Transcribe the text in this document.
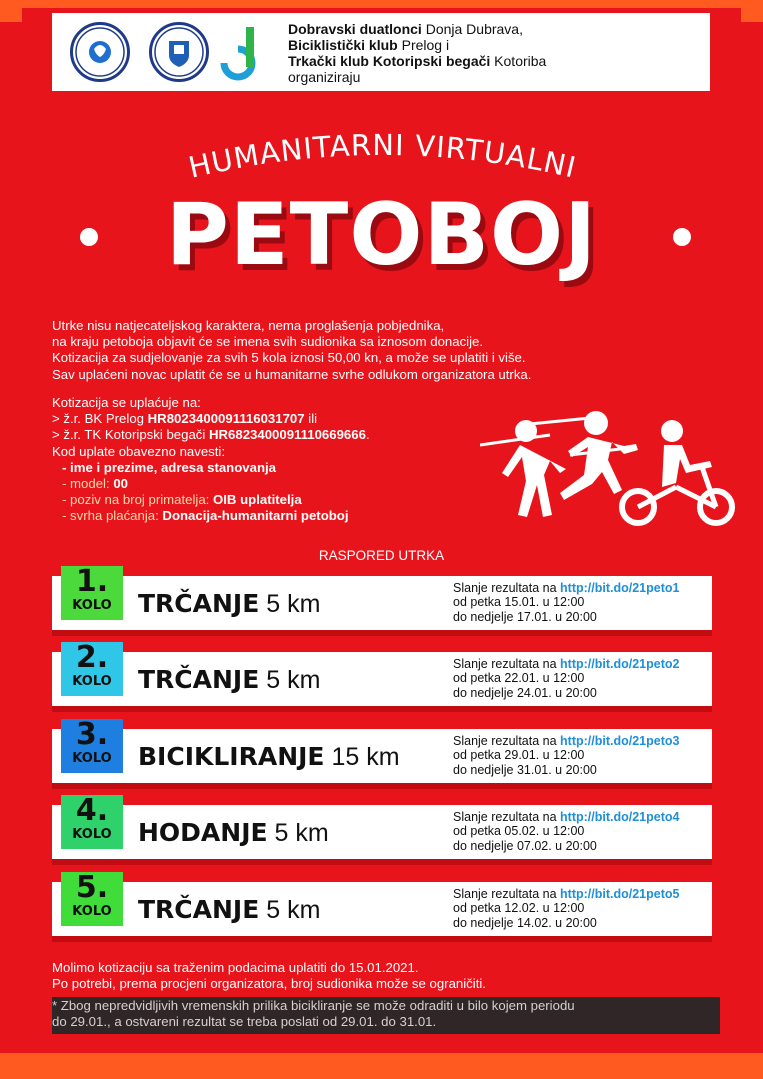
Dobravski duatlonci Donja Dubrava,
Biciklistički klub Prelog i
Trkački klub Kotoripski begači Kotoriba
organiziraju
HUMANITARNI VIRTUALNI
PETOBOJ
Utrke nisu natjecateljskog karaktera, nema proglašenja pobjednika,
na kraju petoboja objavit će se imena svih sudionika sa iznosom donacije.
Kotizacija za sudjelovanje za svih 5 kola iznosi 50,00 kn, a može se uplatiti i više.
Sav uplaćeni novac uplatit će se u humanitarne svrhe odlukom organizatora utrka.
Kotizacija se uplaćuje na:
> ž.r. BK Prelog HR8023400091116031707 ili
> ž.r. TK Kotoripski begači HR6823400091110669666.
Kod uplate obavezno navesti:
- ime i prezime, adresa stanovanja
- model: 00
- poziv na broj primatelja: OIB uplatitelja
- svrha plaćanja: Donacija-humanitarni petoboj
RASPORED UTRKA
1.
KOLO	TRČANJE 5 km
Slanje rezultata na http://bit.do/21peto1
od petka 15.01. u 12:00
do nedjelje 17.01. u 20:00
2.
KOLO	TRČANJE 5 km
Slanje rezultata na http://bit.do/21peto2
od petka 22.01. u 12:00
do nedjelje 24.01. u 20:00
3.
KOLO	BICIKLIRANJE 15 km
Slanje rezultata na http://bit.do/21peto3
od petka 29.01. u 12:00
do nedjelje 31.01. u 20:00
4.
KOLO	HODANJE 5 km
Slanje rezultata na http://bit.do/21peto4
od petka 05.02. u 12:00
do nedjelje 07.02. u 20:00
5.
KOLO	TRČANJE 5 km
Slanje rezultata na http://bit.do/21peto5
od petka 12.02. u 12:00
do nedjelje 14.02. u 20:00
Molimo kotizaciju sa traženim podacima uplatiti do 15.01.2021.
Po potrebi, prema procjeni organizatora, broj sudionika može se ograničiti.
* Zbog nepredvidljivih vremenskih prilika bicikliranje se može odraditi u bilo kojem periodu
do 29.01., a ostvareni rezultat se treba poslati od 29.01. do 31.01.
